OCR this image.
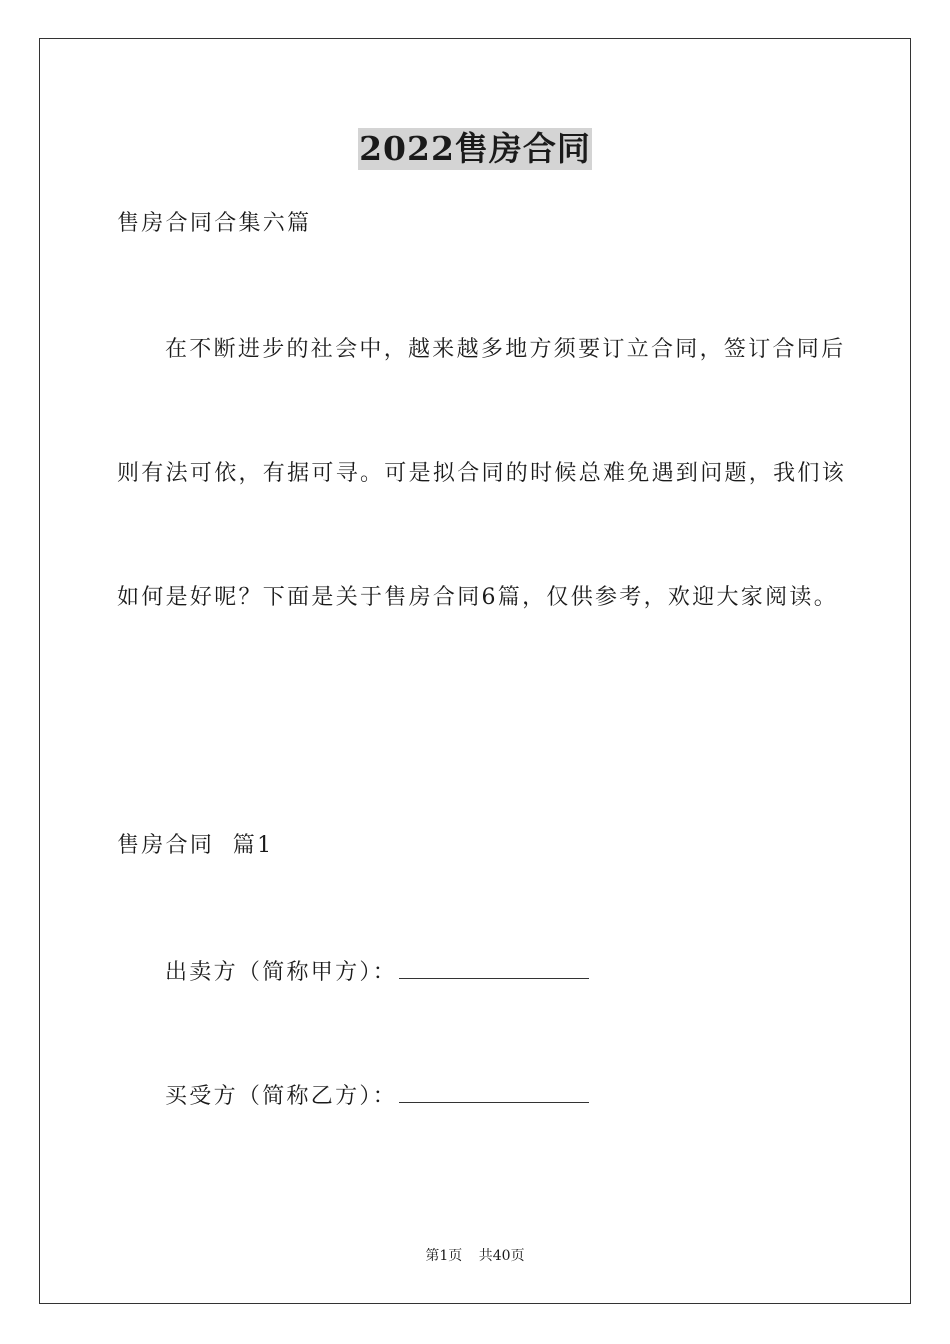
2022售房合同
售房合同合集六篇
在不断进步的社会中，越来越多地方须要订立合同，签订合同后
则有法可依，有据可寻。可是拟合同的时候总难免遇到问题，我们该
如何是好呢？下面是关于售房合同6篇，仅供参考，欢迎大家阅读。
售房合同  篇1
出卖方（简称甲方）：
买受方（简称乙方）：
第1页 共40页
